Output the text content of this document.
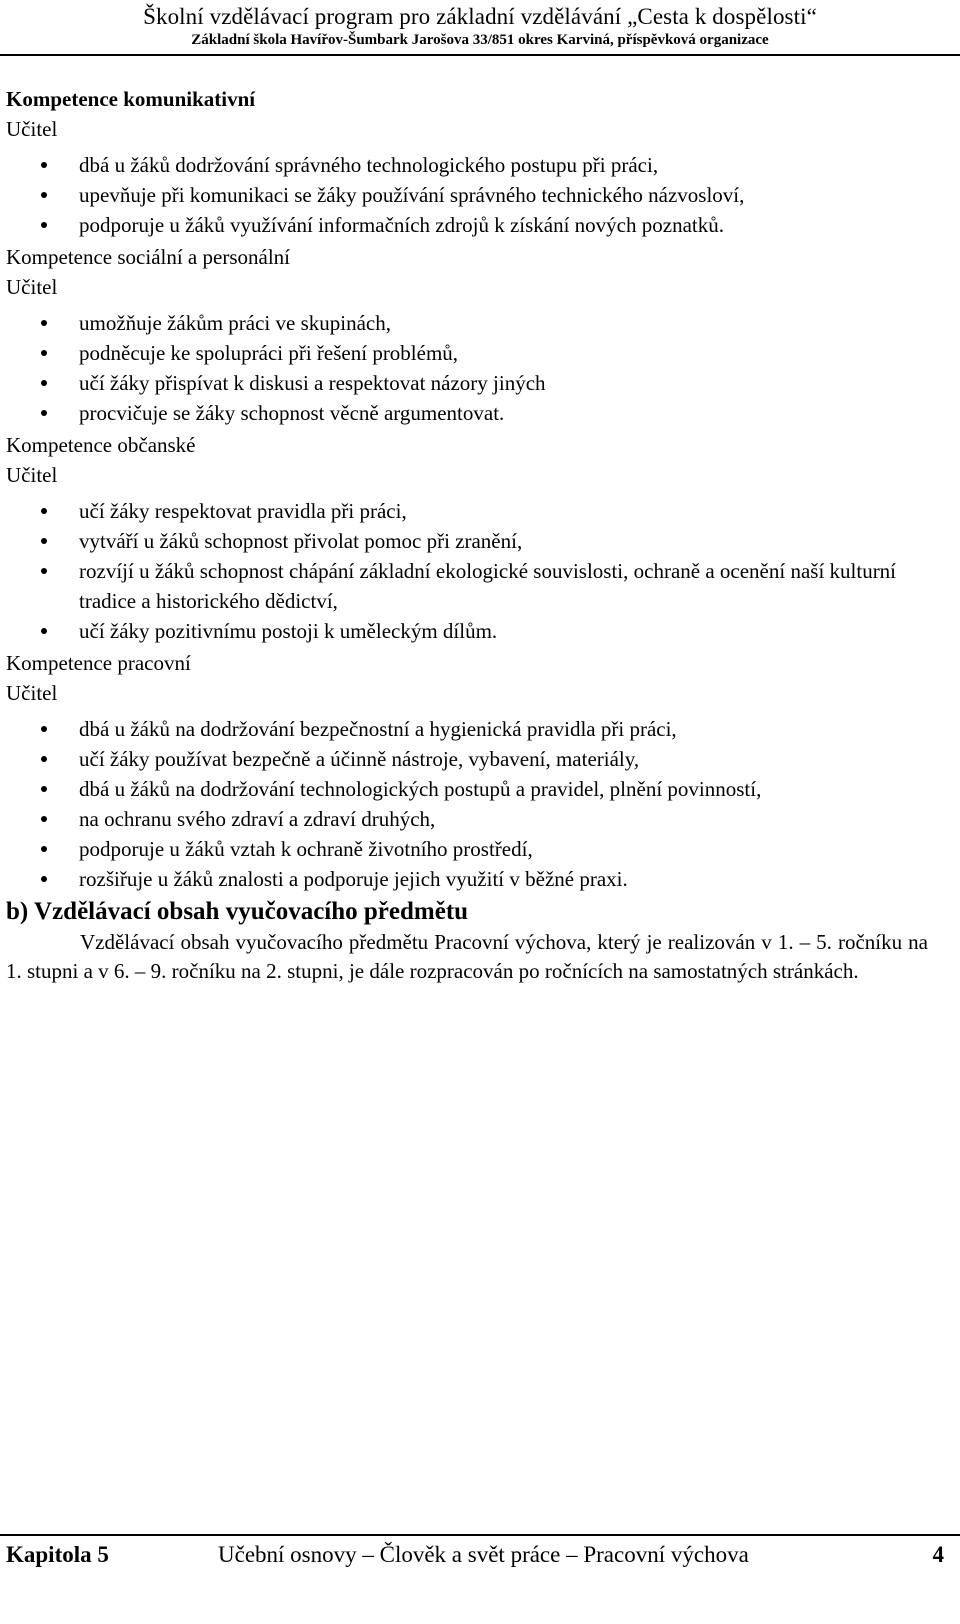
Školní vzdělávací program pro základní vzdělávání „Cesta k dospělosti“
Základní škola Havířov-Šumbark Jarošova 33/851 okres Karviná, příspěvková organizace
Kompetence komunikativní
Učitel
dbá u žáků dodržování správného technologického postupu při práci,
upevňuje při komunikaci se žáky používání správného technického názvosloví,
podporuje u žáků využívání informačních zdrojů k získání nových poznatků.
Kompetence sociální a personální
Učitel
umožňuje žákům práci ve skupinách,
podněcuje ke spolupráci při řešení problémů,
učí žáky přispívat k diskusi a respektovat názory jiných
procvičuje se žáky schopnost věcně argumentovat.
Kompetence občanské
Učitel
učí žáky respektovat pravidla při práci,
vytváří u žáků schopnost přivolat pomoc při zranění,
rozvíjí u žáků schopnost chápání základní ekologické souvislosti, ochraně a ocenění naší kulturní tradice a historického dědictví,
učí žáky pozitivnímu postoji k uměleckým dílům.
Kompetence pracovní
Učitel
dbá u žáků na dodržování bezpečnostní a hygienická pravidla při práci,
učí žáky používat bezpečně a účinně nástroje, vybavení, materiály,
dbá u žáků na dodržování technologických postupů a pravidel, plnění povinností,
na ochranu svého zdraví a zdraví druhých,
podporuje u žáků vztah k ochraně životního prostředí,
rozšiřuje u žáků znalosti a podporuje jejich využití v běžné praxi.
b) Vzdělávací obsah vyučovacího předmětu
Vzdělávací obsah vyučovacího předmětu Pracovní výchova, který je realizován v 1. – 5. ročníku na 1. stupni a v 6. – 9. ročníku na 2. stupni, je dále rozpracován po ročnících na samostatných stránkách.
Kapitola 5	Učební osnovy – Člověk a svět práce – Pracovní výchova	4
